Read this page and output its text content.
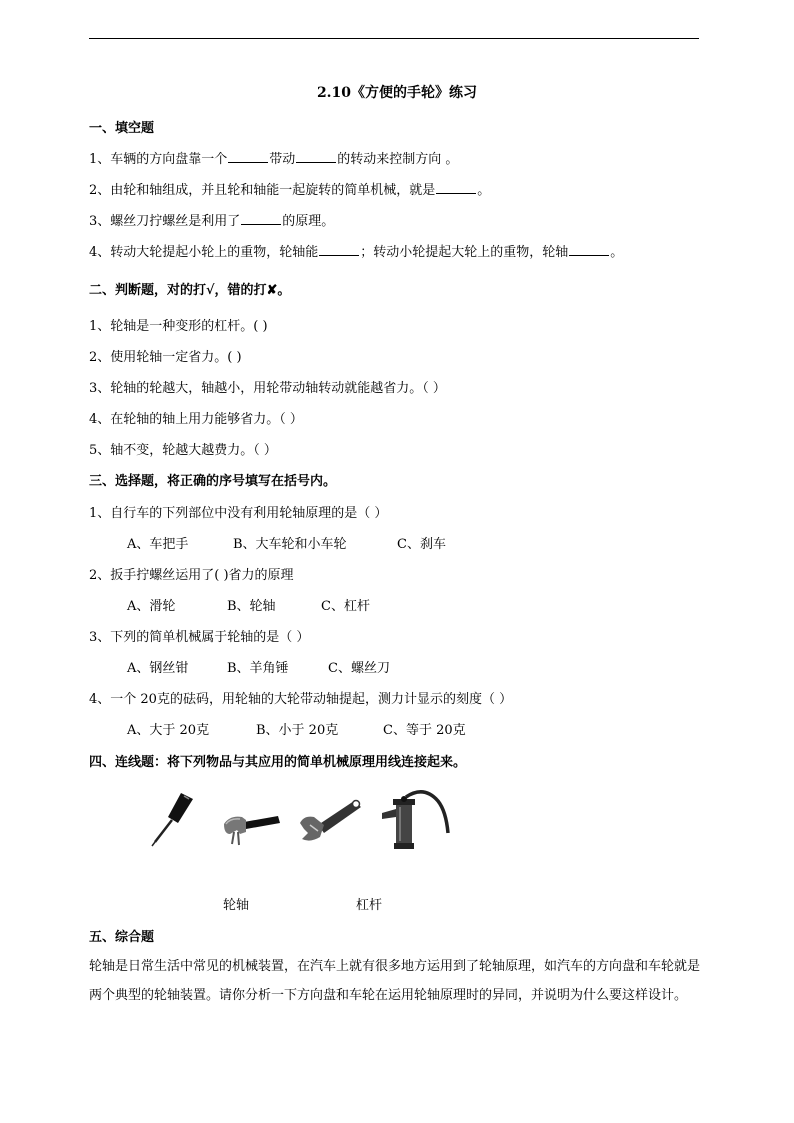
2.10《方便的手轮》练习
一、填空题
1、车辆的方向盘靠一个	带动	的转动来控制方向 。
2、由轮和轴组成，并且轮和轴能一起旋转的简单机械，就是	。
3、螺丝刀拧螺丝是利用了	的原理。
4、转动大轮提起小轮上的重物，轮轴能	；转动小轮提起大轮上的重物，轮轴	。
二、判断题，对的打√，错的打✘。
1、轮轴是一种变形的杠杆。( )
2、使用轮轴一定省力。( )
3、轮轴的轮越大，轴越小，用轮带动轴转动就能越省力。（ ）
4、在轮轴的轴上用力能够省力。（ ）
5、轴不变，轮越大越费力。（ ）
三、选择题，将正确的序号填写在括号内。
1、自行车的下列部位中没有利用轮轴原理的是（ ）
A、车把手	B、大车轮和小车轮	C、刹车
2、扳手拧螺丝运用了( )省力的原理
A、滑轮	B、轮轴	C、杠杆
3、下列的简单机械属于轮轴的是（ ）
A、钢丝钳	B、羊角锤	C、螺丝刀
4、一个 20克的砝码，用轮轴的大轮带动轴提起，测力计显示的刻度（ ）
A、大于 20克	B、小于 20克	C、等于 20克
四、连线题：将下列物品与其应用的简单机械原理用线连接起来。
轮轴	杠杆
五、综合题
轮轴是日常生活中常见的机械装置，在汽车上就有很多地方运用到了轮轴原理，如汽车的方向盘和车轮就是两个典型的轮轴装置。请你分析一下方向盘和车轮在运用轮轴原理时的异同，并说明为什么要这样设计。
